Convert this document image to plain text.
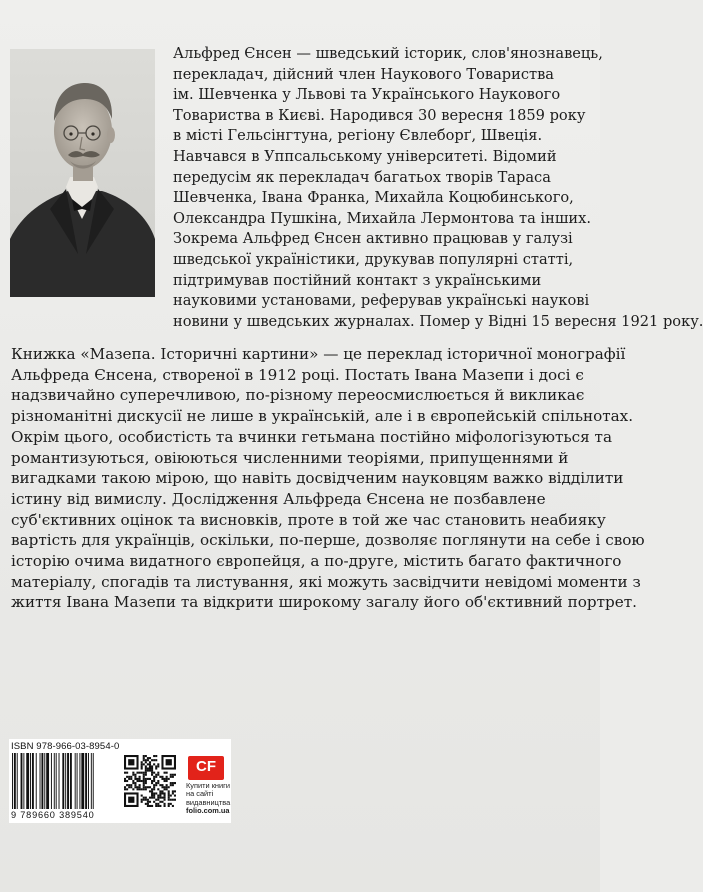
Альфред Єнсен — шведський історик, слов'янознавець,
перекладач, дійсний член Наукового Товариства
ім. Шевченка у Львові та Українського Наукового
Товариства в Києві. Народився 30 вересня 1859 року
в місті Гельсінгтуна, регіону Євлеборґ, Швеція.
Навчався в Уппсальському університеті. Відомий
передусім як перекладач багатьох творів Тараса
Шевченка, Івана Франка, Михайла Коцюбинського,
Олександра Пушкіна, Михайла Лермонтова та інших.
Зокрема Альфред Єнсен активно працював у галузі
шведської україністики, друкував популярні статті,
підтримував постійний контакт з українськими
науковими установами, реферував українські наукові
новини у шведських журналах. Помер у Відні 15 вересня 1921 року.
Книжка «Мазепа. Історичні картини» — це переклад історичної монографії
Альфреда Єнсена, створеної в 1912 році. Постать Івана Мазепи і досі є
надзвичайно суперечливою, по-різному переосмислюється й викликає
різноманітні дискусії не лише в українській, але і в європейській спільнотах.
Окрім цього, особистість та вчинки гетьмана постійно міфологізуються та
романтизуються, овіюються численними теоріями, припущеннями й
вигадками такою мірою, що навіть досвідченим науковцям важко відділити
істину від вимислу. Дослідження Альфреда Єнсена не позбавлене
суб'єктивних оцінок та висновків, проте в той же час становить неабияку
вартість для українців, оскільки, по-перше, дозволяє поглянути на себе і свою
історію очима видатного європейця, а по-друге, містить багато фактичного
матеріалу, спогадів та листування, які можуть засвідчити невідомі моменти з
життя Івана Мазепи та відкрити широкому загалу його об'єктивний портрет.
ISBN 978-966-03-8954-0
9 789660 389540
CF
Купити книги
на сайті
видавництва
folio.com.ua
